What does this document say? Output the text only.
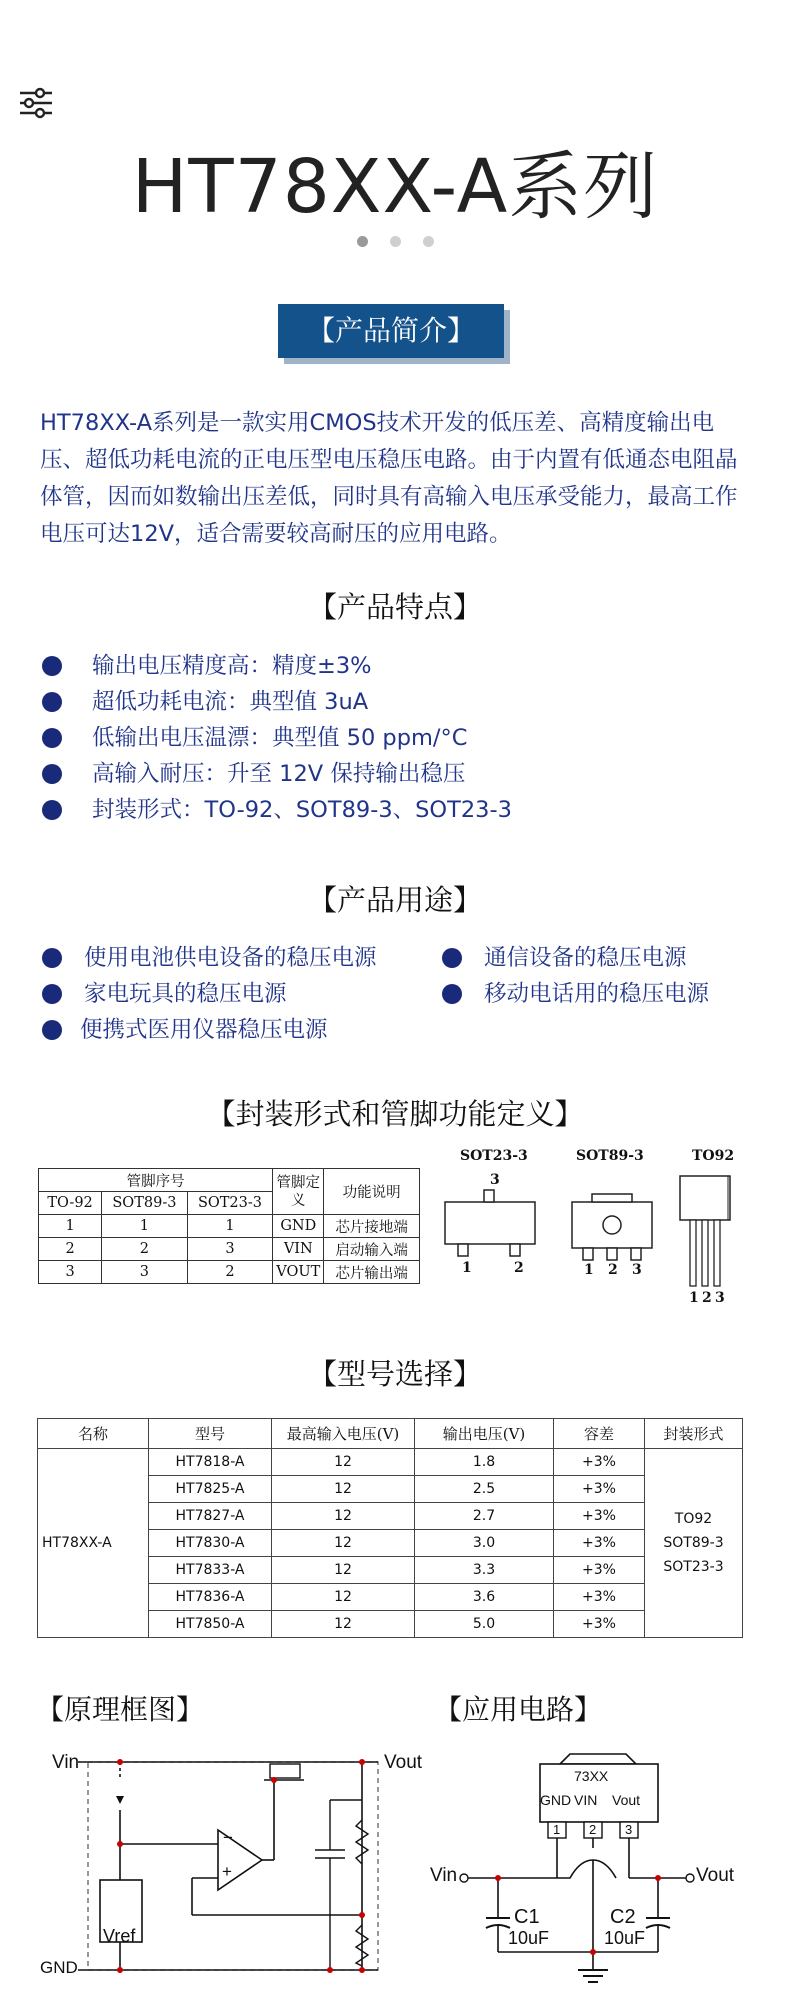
HT78XX-A系列
【产品简介】
HT78XX-A系列是一款实用CMOS技术开发的低压差、高精度输出电压、超低功耗电流的正电压型电压稳压电路。由于内置有低通态电阻晶体管，因而如数输出压差低，同时具有高输入电压承受能力，最高工作电压可达12V，适合需要较高耐压的应用电路。
【产品特点】
输出电压精度高：精度±3%
超低功耗电流：典型值 3uA
低输出电压温漂：典型值 50 ppm/°C
高输入耐压：升至 12V 保持输出稳压
封装形式：TO-92、SOT89-3、SOT23-3
【产品用途】
使用电池供电设备的稳压电源	通信设备的稳压电源
家电玩具的稳压电源	移动电话用的稳压电源
便携式医用仪器稳压电源
【封装形式和管脚功能定义】
管脚序号			管脚定义	功能说明
TO-92	SOT89-3	SOT23-3		
1	1	1	GND	芯片接地端
2	2	3	VIN	启动输入端
3	3	2	VOUT	芯片输出端
SOT23-3	SOT89-3	TO92
3
1	2	1 2 3
1 2 3
【型号选择】
名称	型号	最高输入电压(V)	输出电压(V)	容差	封装形式
HT78XX-A	HT7818-A	12	1.8	+3%	TO92
SOT89-3
SOT23-3

	HT7825-A	12	2.5	+3%	
	HT7827-A	12	2.7	+3%	
	HT7830-A	12	3.0	+3%	
	HT7833-A	12	3.3	+3%	
	HT7836-A	12	3.6	+3%	
	HT7850-A	12	5.0	+3%	
【原理框图】
Vin	Vout
GND
Vref
−
+
【应用电路】
73XX
GND VIN Vout
1 2 3
Vin	Vout
C1
10uF
C2
10uF
